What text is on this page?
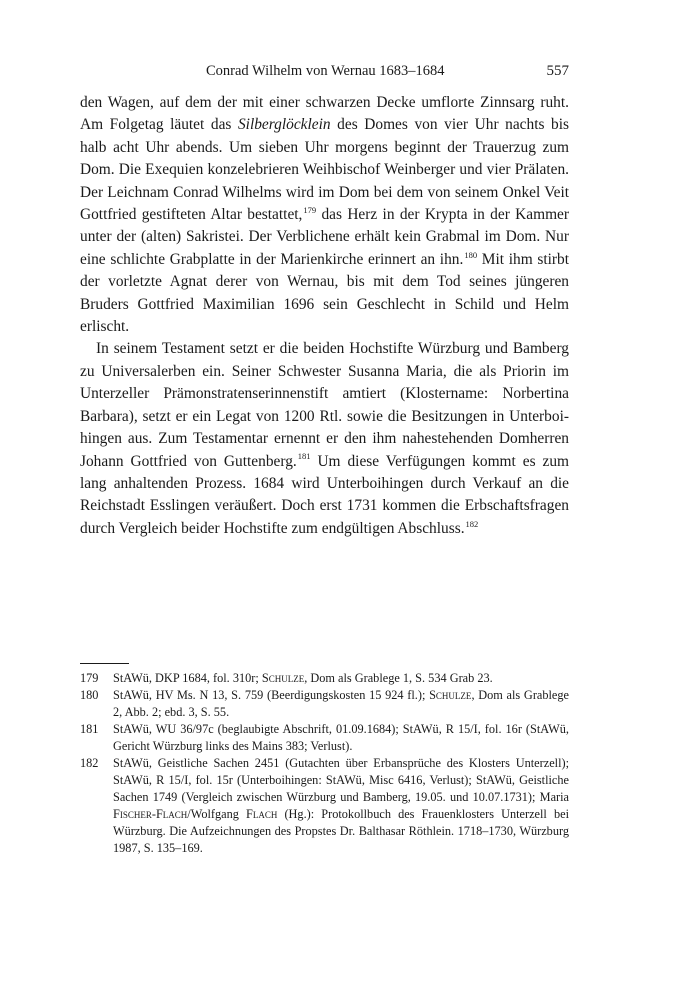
Conrad Wilhelm von Wernau 1683–1684	557

den Wagen, auf dem der mit einer schwarzen Decke umflorte Zinnsarg ruht. Am Folgetag läutet das Silberglöcklein des Domes von vier Uhr nachts bis halb acht Uhr abends. Um sieben Uhr morgens beginnt der Trauerzug zum Dom. Die Exequien konzelebrieren Weihbischof Weinberger und vier Prälaten. Der Leichnam Conrad Wilhelms wird im Dom bei dem von seinem Onkel Veit Gottfried gestifteten Altar bestattet,$^{179}$ das Herz in der Krypta in der Kammer unter der (alten) Sakristei. Der Verblichene erhält kein Grabmal im Dom. Nur eine schlichte Grabplatte in der Marienkirche erinnert an ihn.$^{180}$ Mit ihm stirbt der vorletzte Agnat derer von Wernau, bis mit dem Tod seines jüngeren Bruders Gottfried Maximilian 1696 sein Geschlecht in Schild und Helm erlischt.

In seinem Testament setzt er die beiden Hochstifte Würzburg und Bamberg zu Universalerben ein. Seiner Schwester Susanna Maria, die als Priorin im Unterzeller Prämonstratenserinnenstift amtiert (Klostername: Norbertina Barbara), setzt er ein Legat von 1200 Rtl. sowie die Besitzungen in Unterboihingen aus. Zum Testamentar ernennt er den ihm nahestehenden Domherren Johann Gottfried von Guttenberg.$^{181}$ Um diese Verfügungen kommt es zum lang anhaltenden Prozess. 1684 wird Unterboihingen durch Verkauf an die Reichstadt Esslingen veräußert. Doch erst 1731 kommen die Erbschaftsfragen durch Vergleich beider Hochstifte zum endgültigen Abschluss.$^{182}$

179 StAWü, DKP 1684, fol. 310r; Schulze, Dom als Grablege 1, S. 534 Grab 23.

180 StAWü, HV Ms. N 13, S. 759 (Beerdigungskosten 15 924 fl.); Schulze, Dom als Grablege 2, Abb. 2; ebd. 3, S. 55.

181 StAWü, WU 36/97c (beglaubigte Abschrift, 01.09.1684); StAWü, R 15/I, fol. 16r (StAWü, Gericht Würzburg links des Mains 383; Verlust).

182 StAWü, Geistliche Sachen 2451 (Gutachten über Erbansprüche des Klosters Unterzell); StAWü, R 15/I, fol. 15r (Unterboihingen: StAWü, Misc 6416, Verlust); StAWü, Geistliche Sachen 1749 (Vergleich zwischen Würzburg und Bamberg, 19.05. und 10.07.1731); Maria Fischer-Flach/Wolfgang Flach (Hg.): Protokollbuch des Frauenklosters Unterzell bei Würzburg. Die Aufzeichnungen des Propstes Dr. Balthasar Röthlein. 1718–1730, Würzburg 1987, S. 135–169.
